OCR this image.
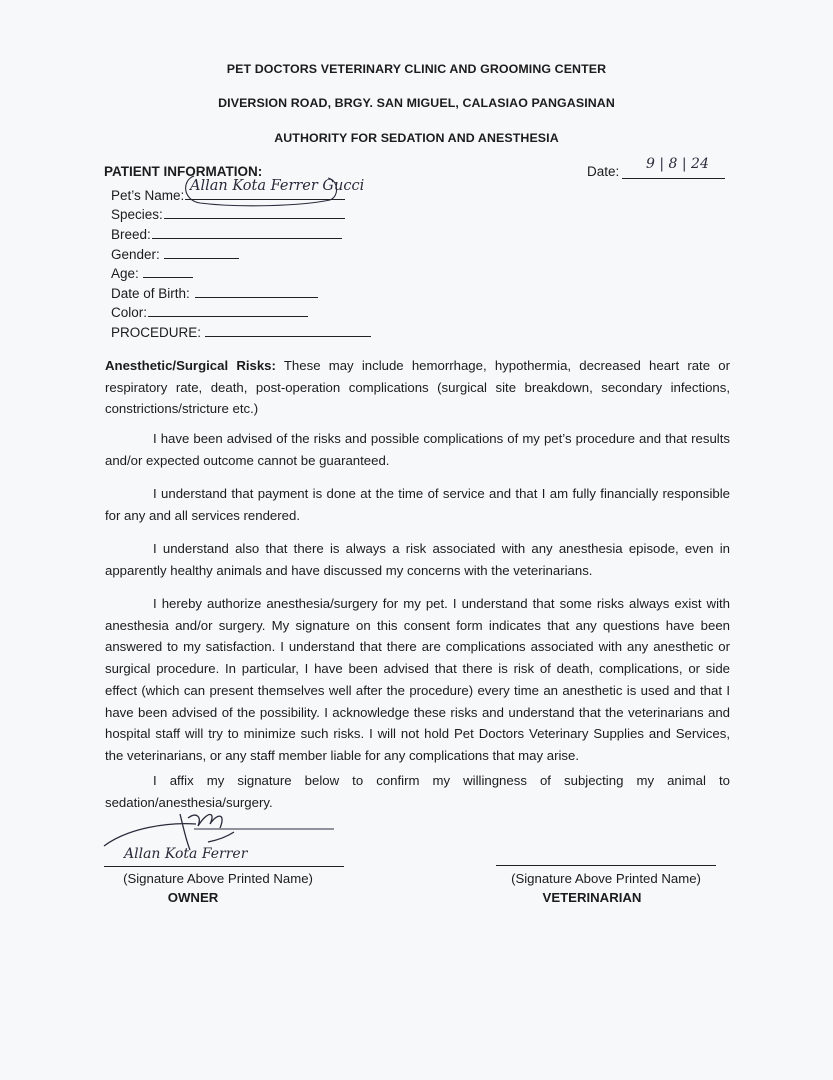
PET DOCTORS VETERINARY CLINIC AND GROOMING CENTER
DIVERSION ROAD, BRGY. SAN MIGUEL, CALASIAO PANGASINAN
AUTHORITY FOR SEDATION AND ANESTHESIA
PATIENT INFORMATION:
Pet’s Name:
Allan Kota Ferrer Gucci
Species:
Breed:
Gender:
Age:
Date of Birth:
Color:
PROCEDURE:
Date: 9 | 8 | 24
Anesthetic/Surgical Risks: These may include hemorrhage, hypothermia, decreased heart rate or respiratory rate, death, post-operation complications (surgical site breakdown, secondary infections, constrictions/stricture etc.)
I have been advised of the risks and possible complications of my pet’s procedure and that results and/or expected outcome cannot be guaranteed.
I understand that payment is done at the time of service and that I am fully financially responsible for any and all services rendered.
I understand also that there is always a risk associated with any anesthesia episode, even in apparently healthy animals and have discussed my concerns with the veterinarians.
I hereby authorize anesthesia/surgery for my pet. I understand that some risks always exist with anesthesia and/or surgery. My signature on this consent form indicates that any questions have been answered to my satisfaction. I understand that there are complications associated with any anesthetic or surgical procedure. In particular, I have been advised that there is risk of death, complications, or side effect (which can present themselves well after the procedure) every time an anesthetic is used and that I have been advised of the possibility. I acknowledge these risks and understand that the veterinarians and hospital staff will try to minimize such risks. I will not hold Pet Doctors Veterinary Supplies and Services, the veterinarians, or any staff member liable for any complications that may arise.
I affix my signature below to confirm my willingness of subjecting my animal to sedation/anesthesia/surgery.
Allan Kota Ferrer
(Signature Above Printed Name)
OWNER
(Signature Above Printed Name)
VETERINARIAN
